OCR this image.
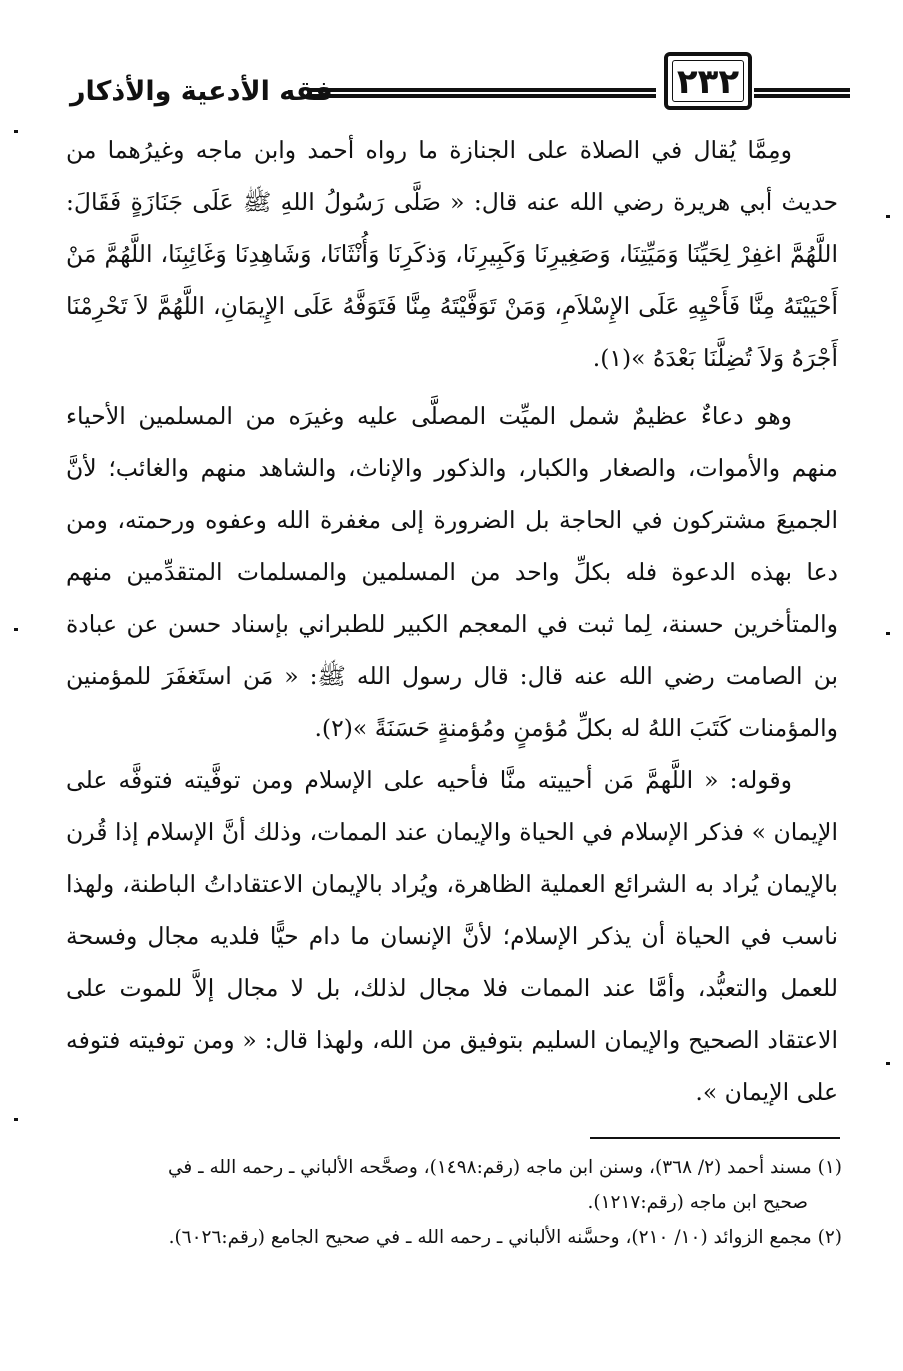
فقه الأدعية والأذكار	٢٣٢

ومِمَّا يُقال في الصلاة على الجنازة ما رواه أحمد وابن ماجه وغيرُهما من حديث أبي هريرة رضي الله عنه قال: « صَلَّى رَسُولُ اللهِ ﷺ عَلَى جَنَازَةٍ فَقَالَ: اللَّهُمَّ اغفِرْ لِحَيِّنَا وَمَيِّتِنَا، وَصَغِيرِنَا وَكَبِيرِنَا، وَذكَرِنَا وَأُنْثَانَا، وَشَاهِدِنَا وَغَائِبِنَا، اللَّهُمَّ مَنْ أَحْيَيْتَهُ مِنَّا فَأَحْيِهِ عَلَى الإِسْلاَمِ، وَمَنْ تَوَفَّيْتَهُ مِنَّا فَتَوَفَّهُ عَلَى الإِيمَانِ، اللَّهُمَّ لاَ تَحْرِمْنَا أَجْرَهُ وَلاَ تُضِلَّنَا بَعْدَهُ »(١).

وهو دعاءٌ عظيمٌ شمل الميِّت المصلَّى عليه وغيرَه من المسلمين الأحياء منهم والأموات، والصغار والكبار، والذكور والإناث، والشاهد منهم والغائب؛ لأنَّ الجميعَ مشتركون في الحاجة بل الضرورة إلى مغفرة الله وعفوه ورحمته، ومن دعا بهذه الدعوة فله بكلِّ واحد من المسلمين والمسلمات المتقدِّمين منهم والمتأخرين حسنة، لِما ثبت في المعجم الكبير للطبراني بإسناد حسن عن عبادة بن الصامت رضي الله عنه قال: قال رسول الله ﷺ: « مَن استَغفَرَ للمؤمنين والمؤمنات كَتَبَ اللهُ له بكلِّ مُؤمنٍ ومُؤمنةٍ حَسَنَةً »(٢).

وقوله: « اللَّهمَّ مَن أحييته منَّا فأحيه على الإسلام ومن توفَّيته فتوفَّه على الإيمان » فذكر الإسلام في الحياة والإيمان عند الممات، وذلك أنَّ الإسلام إذا قُرن بالإيمان يُراد به الشرائع العملية الظاهرة، ويُراد بالإيمان الاعتقاداتُ الباطنة، ولهذا ناسب في الحياة أن يذكر الإسلام؛ لأنَّ الإنسان ما دام حيًّا فلديه مجال وفسحة للعمل والتعبُّد، وأمَّا عند الممات فلا مجال لذلك، بل لا مجال إلاَّ للموت على الاعتقاد الصحيح والإيمان السليم بتوفيق من الله، ولهذا قال: « ومن توفيته فتوفه على الإيمان ».

(١) مسند أحمد (٢/ ٣٦٨)، وسنن ابن ماجه (رقم:١٤٩٨)، وصحَّحه الألباني ـ رحمه الله ـ في

صحيح ابن ماجه (رقم:١٢١٧).

(٢) مجمع الزوائد (١٠/ ٢١٠)، وحسَّنه الألباني ـ رحمه الله ـ في صحيح الجامع (رقم:٦٠٢٦).
